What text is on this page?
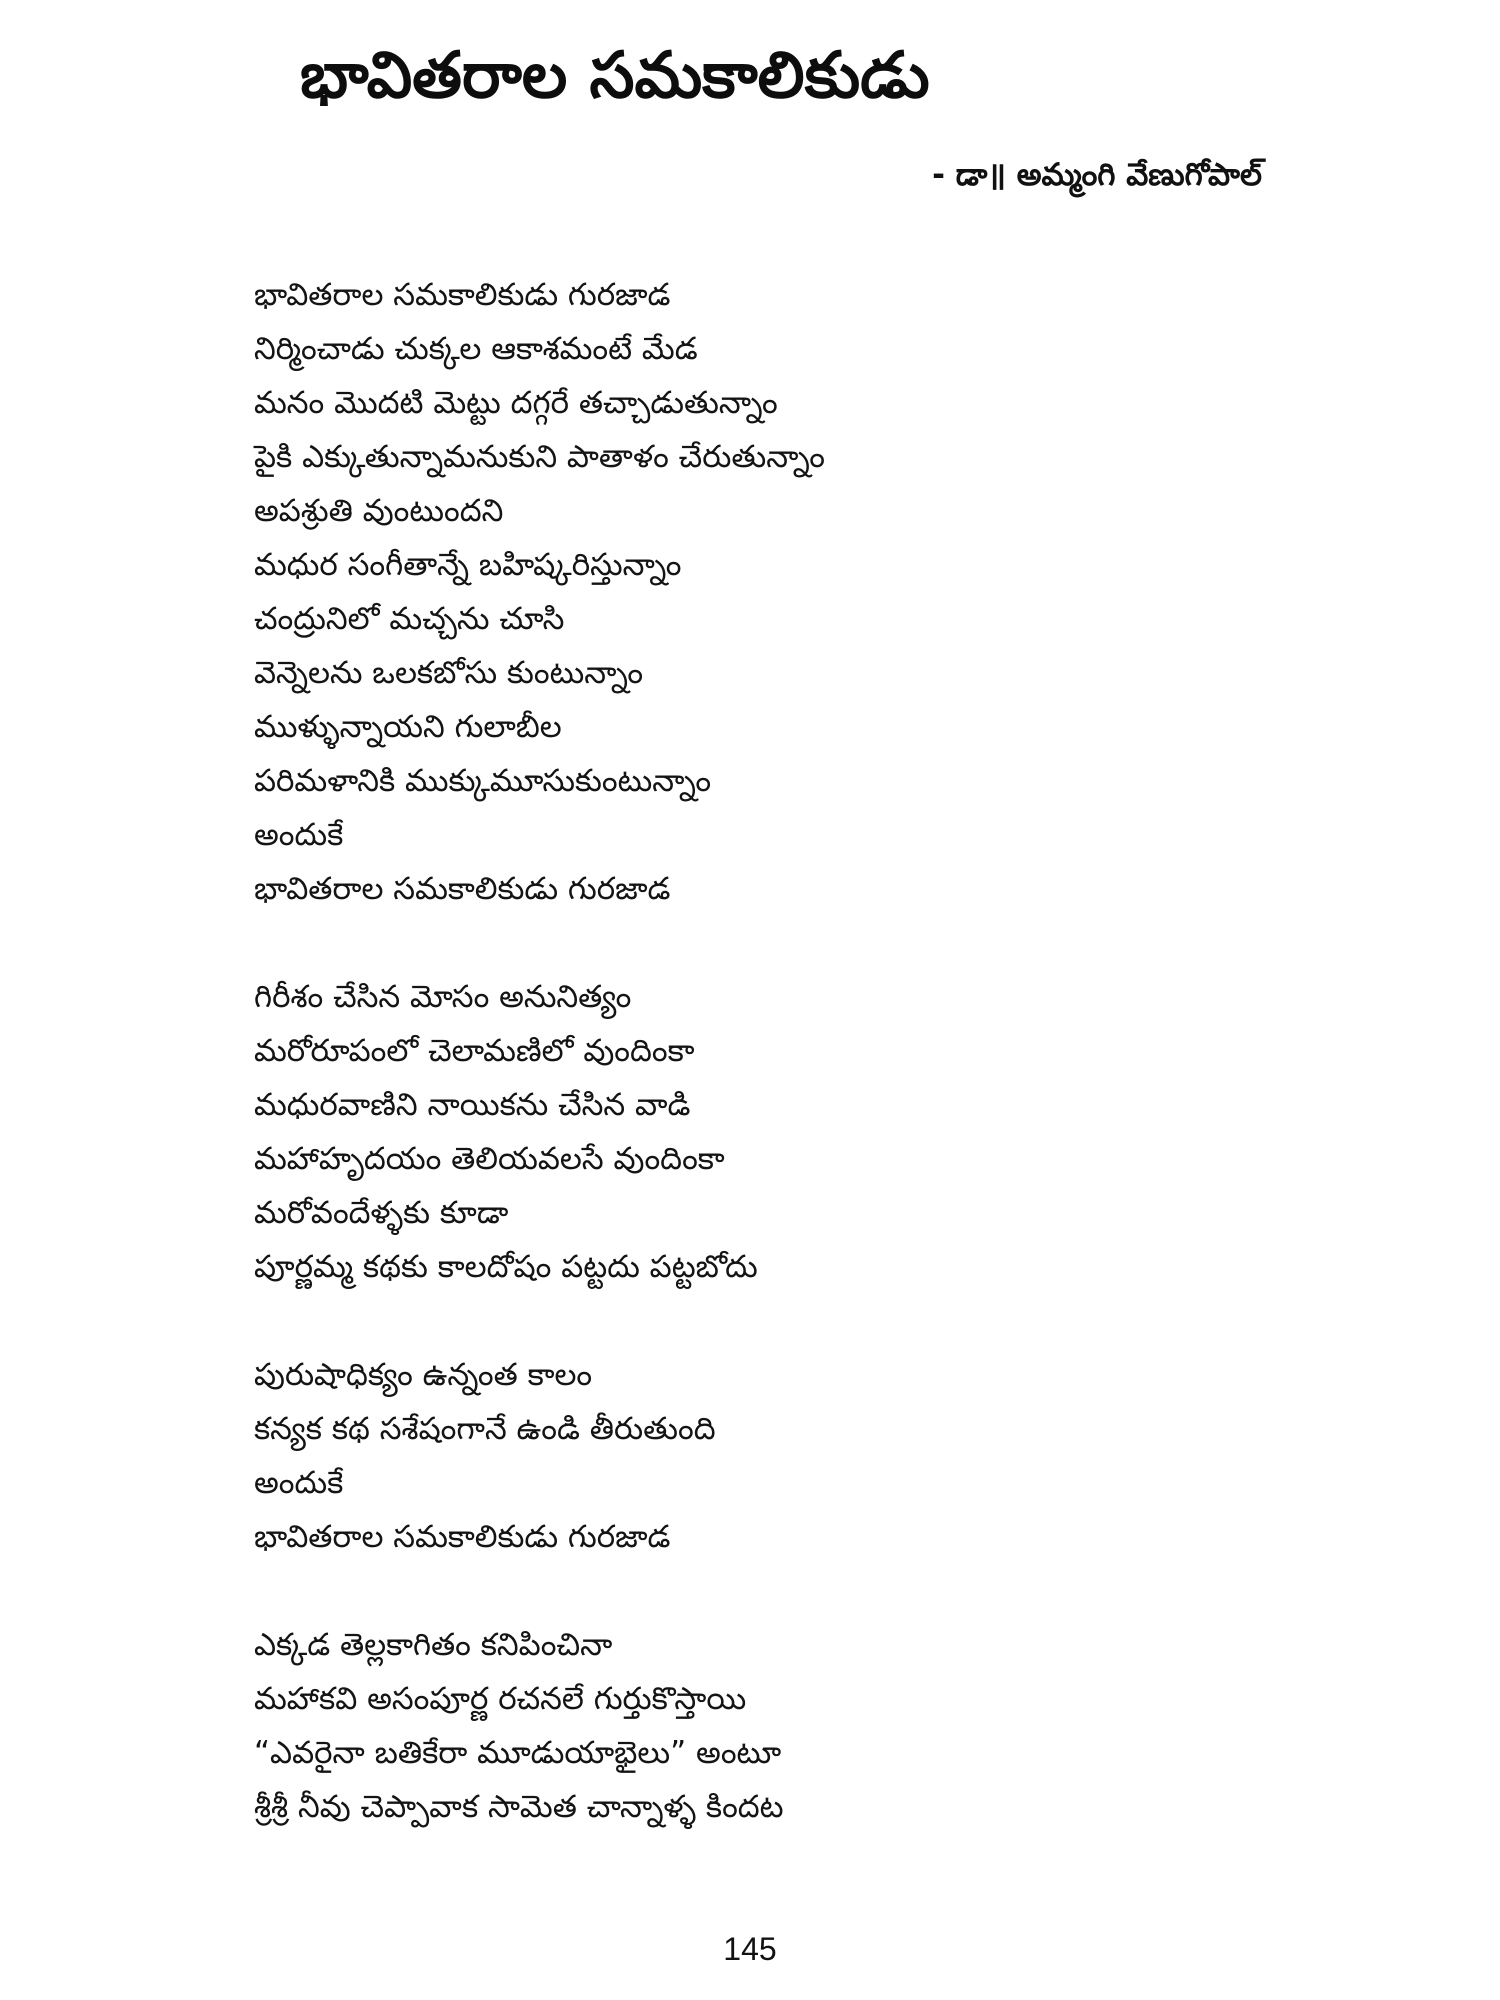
భావితరాల సమకాలికుడు

- డా॥ అమ్మంగి వేణుగోపాల్

భావితరాల సమకాలికుడు గురజాడ
నిర్మించాడు చుక్కల ఆకాశమంటే మేడ
మనం మొదటి మెట్టు దగ్గరే తచ్చాడుతున్నాం
పైకి ఎక్కుతున్నామనుకుని పాతాళం చేరుతున్నాం
అపశ్రుతి వుంటుందని
మధుర సంగీతాన్నే బహిష్కరిస్తున్నాం
చంద్రునిలో మచ్చను చూసి
వెన్నెలను ఒలకబోసు కుంటున్నాం
ముళ్ళున్నాయని గులాబీల
పరిమళానికి ముక్కుమూసుకుంటున్నాం
అందుకే
భావితరాల సమకాలికుడు గురజాడ
గిరీశం చేసిన మోసం అనునిత్యం
మరోరూపంలో చెలామణిలో వుందింకా
మధురవాణిని నాయికను చేసిన వాడి
మహాహృదయం తెలియవలసే వుందింకా
మరోవందేళ్ళకు కూడా
పూర్ణమ్మ కథకు కాలదోషం పట్టదు పట్టబోదు
పురుషాధిక్యం ఉన్నంత కాలం
కన్యక కథ సశేషంగానే ఉండి తీరుతుంది
అందుకే
భావితరాల సమకాలికుడు గురజాడ
ఎక్కడ తెల్లకాగితం కనిపించినా
మహాకవి అసంపూర్ణ రచనలే గుర్తుకొస్తాయి
“ఎవరైనా బతికేరా మూడుయాభైలు” అంటూ
శ్రీశ్రీ నీవు చెప్పావాక సామెత చాన్నాళ్ళ కిందట
145
